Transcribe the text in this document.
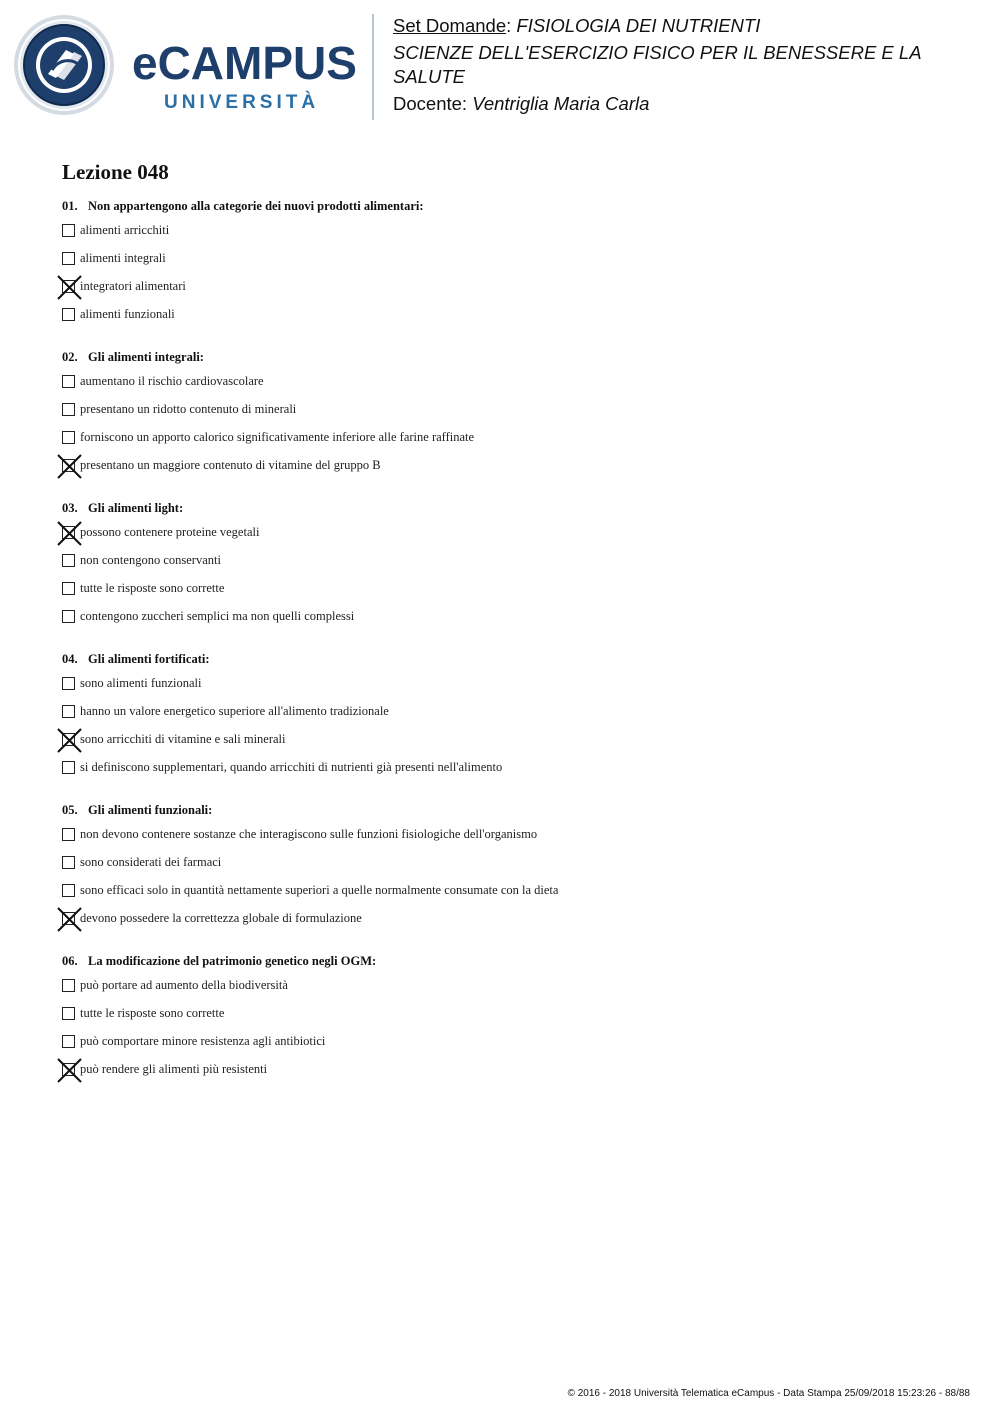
eCAMPUS
UNIVERSITÀ

Set Domande: FISIOLOGIA DEI NUTRIENTI

SCIENZE DELL'ESERCIZIO FISICO PER IL BENESSERE E LA SALUTE

Docente: Ventriglia Maria Carla

Lezione 048
01. Non appartengono alla categorie dei nuovi prodotti alimentari:
alimenti arricchiti
alimenti integrali
integratori alimentari
alimenti funzionali
02. Gli alimenti integrali:
aumentano il rischio cardiovascolare
presentano un ridotto contenuto di minerali
forniscono un apporto calorico significativamente inferiore alle farine raffinate
presentano un maggiore contenuto di vitamine del gruppo B
03. Gli alimenti light:
possono contenere proteine vegetali
non contengono conservanti
tutte le risposte sono corrette
contengono zuccheri semplici ma non quelli complessi
04. Gli alimenti fortificati:
sono alimenti funzionali
hanno un valore energetico superiore all'alimento tradizionale
sono arricchiti di vitamine e sali minerali
si definiscono supplementari, quando arricchiti di nutrienti già presenti nell'alimento
05. Gli alimenti funzionali:
non devono contenere sostanze che interagiscono sulle funzioni fisiologiche dell'organismo
sono considerati dei farmaci
sono efficaci solo in quantità nettamente superiori a quelle normalmente consumate con la dieta
devono possedere la correttezza globale di formulazione
06. La modificazione del patrimonio genetico negli OGM:
può portare ad aumento della biodiversità
tutte le risposte sono corrette
può comportare minore resistenza agli antibiotici
può rendere gli alimenti più resistenti
© 2016 - 2018 Università Telematica eCampus - Data Stampa 25/09/2018 15:23:26 - 88/88
